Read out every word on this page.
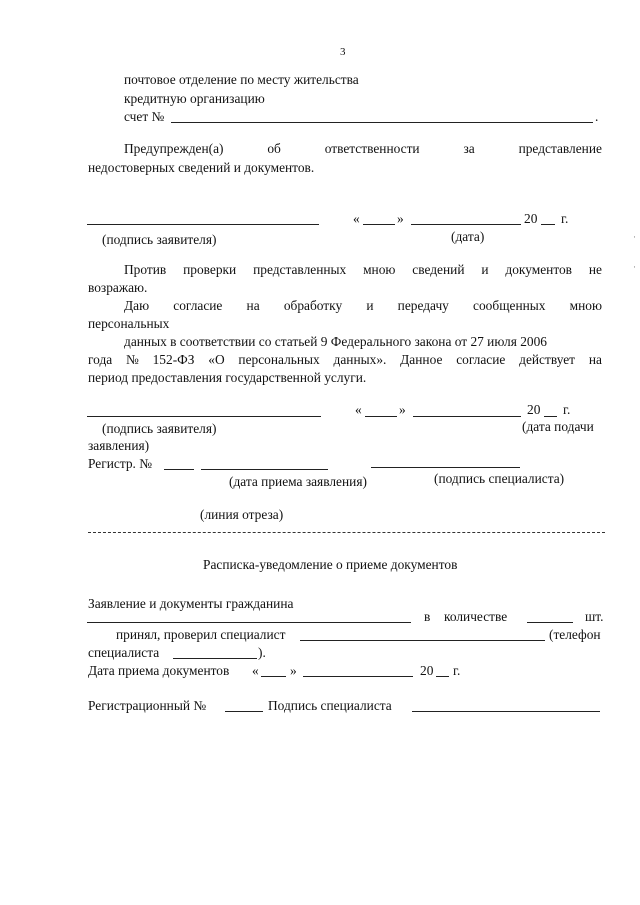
3
почтовое отделение по месту жительства
кредитную организацию
счет №	.
Предупрежден(а)	об	ответственности	за	представление
недостоверных сведений и документов.
«	»	20 г.
(подпись заявителя)	(дата)
Против проверки представленных мною сведений и документов не
возражаю.
Даю согласие на обработку и передачу сообщенных мною
персональных
данных в соответствии со статьей 9 Федерального закона от 27 июля 2006
года № 152-ФЗ «О персональных данных». Данное согласие действует на
период предоставления государственной услуги.
«	»	20 г.
(подпись заявителя)	(дата подачи
заявления)
Регистр. №
(дата приема заявления)	(подпись специалиста)
(линия отреза)
Расписка-уведомление о приеме документов
Заявление и документы гражданина
в количестве	шт.
принял, проверил специалист	(телефон
специалиста	).
Дата приема документов « »	20 г.
Регистрационный №	Подпись специалиста
·
·
